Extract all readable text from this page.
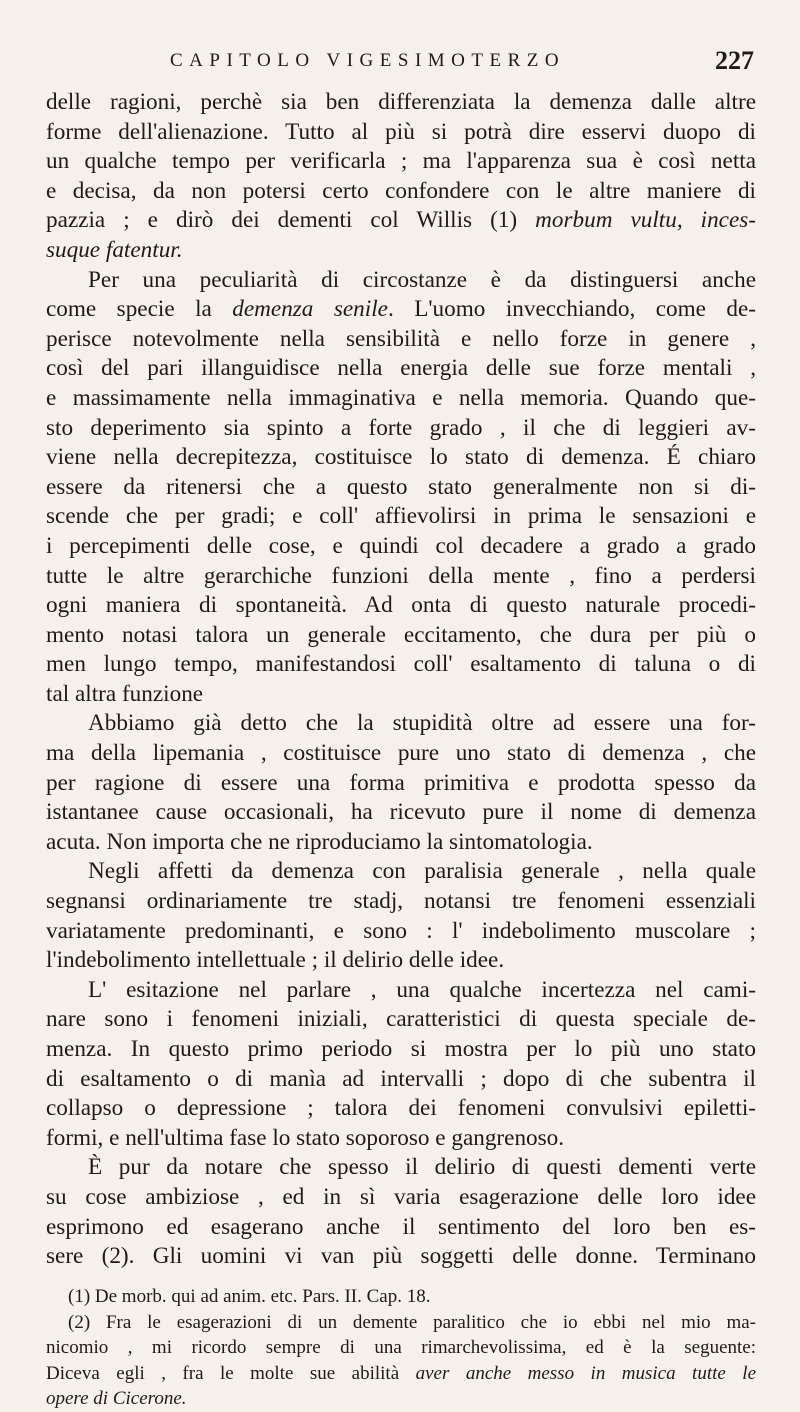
CAPITOLO VIGESIMOTERZO	227
delle ragioni, perchè sia ben differenziata la demenza dalle altre
forme dell'alienazione. Tutto al più si potrà dire esservi duopo di
un qualche tempo per verificarla ; ma l'apparenza sua è così netta
e decisa, da non potersi certo confondere con le altre maniere di
pazzia ; e dirò dei dementi col Willis (1) morbum vultu, inces-
suque fatentur.
Per una peculiarità di circostanze è da distinguersi anche
come specie la demenza senile. L'uomo invecchiando, come de-
perisce notevolmente nella sensibilità e nello forze in genere ,
così del pari illanguidisce nella energia delle sue forze mentali ,
e massimamente nella immaginativa e nella memoria. Quando que-
sto deperimento sia spinto a forte grado , il che di leggieri av-
viene nella decrepitezza, costituisce lo stato di demenza. É chiaro
essere da ritenersi che a questo stato generalmente non si di-
scende che per gradi; e coll' affievolirsi in prima le sensazioni e
i percepimenti delle cose, e quindi col decadere a grado a grado
tutte le altre gerarchiche funzioni della mente , fino a perdersi
ogni maniera di spontaneità. Ad onta di questo naturale procedi-
mento notasi talora un generale eccitamento, che dura per più o
men lungo tempo, manifestandosi coll' esaltamento di taluna o di
tal altra funzione
Abbiamo già detto che la stupidità oltre ad essere una for-
ma della lipemania , costituisce pure uno stato di demenza , che
per ragione di essere una forma primitiva e prodotta spesso da
istantanee cause occasionali, ha ricevuto pure il nome di demenza
acuta. Non importa che ne riproduciamo la sintomatologia.
Negli affetti da demenza con paralisia generale , nella quale
segnansi ordinariamente tre stadj, notansi tre fenomeni essenziali
variatamente predominanti, e sono : l' indebolimento muscolare ;
l'indebolimento intellettuale ; il delirio delle idee.
L' esitazione nel parlare , una qualche incertezza nel cami-
nare sono i fenomeni iniziali, caratteristici di questa speciale de-
menza. In questo primo periodo si mostra per lo più uno stato
di esaltamento o di manìa ad intervalli ; dopo di che subentra il
collapso o depressione ; talora dei fenomeni convulsivi epiletti-
formi, e nell'ultima fase lo stato soporoso e gangrenoso.
È pur da notare che spesso il delirio di questi dementi verte
su cose ambiziose , ed in sì varia esagerazione delle loro idee
esprimono ed esagerano anche il sentimento del loro ben es-
sere (2). Gli uomini vi van più soggetti delle donne. Terminano
(1) De morb. qui ad anim. etc. Pars. II. Cap. 18.
(2) Fra le esagerazioni di un demente paralitico che io ebbi nel mio ma-
nicomio , mi ricordo sempre di una rimarchevolissima, ed è la seguente:
Diceva egli , fra le molte sue abilità aver anche messo in musica tutte le
opere di Cicerone.
